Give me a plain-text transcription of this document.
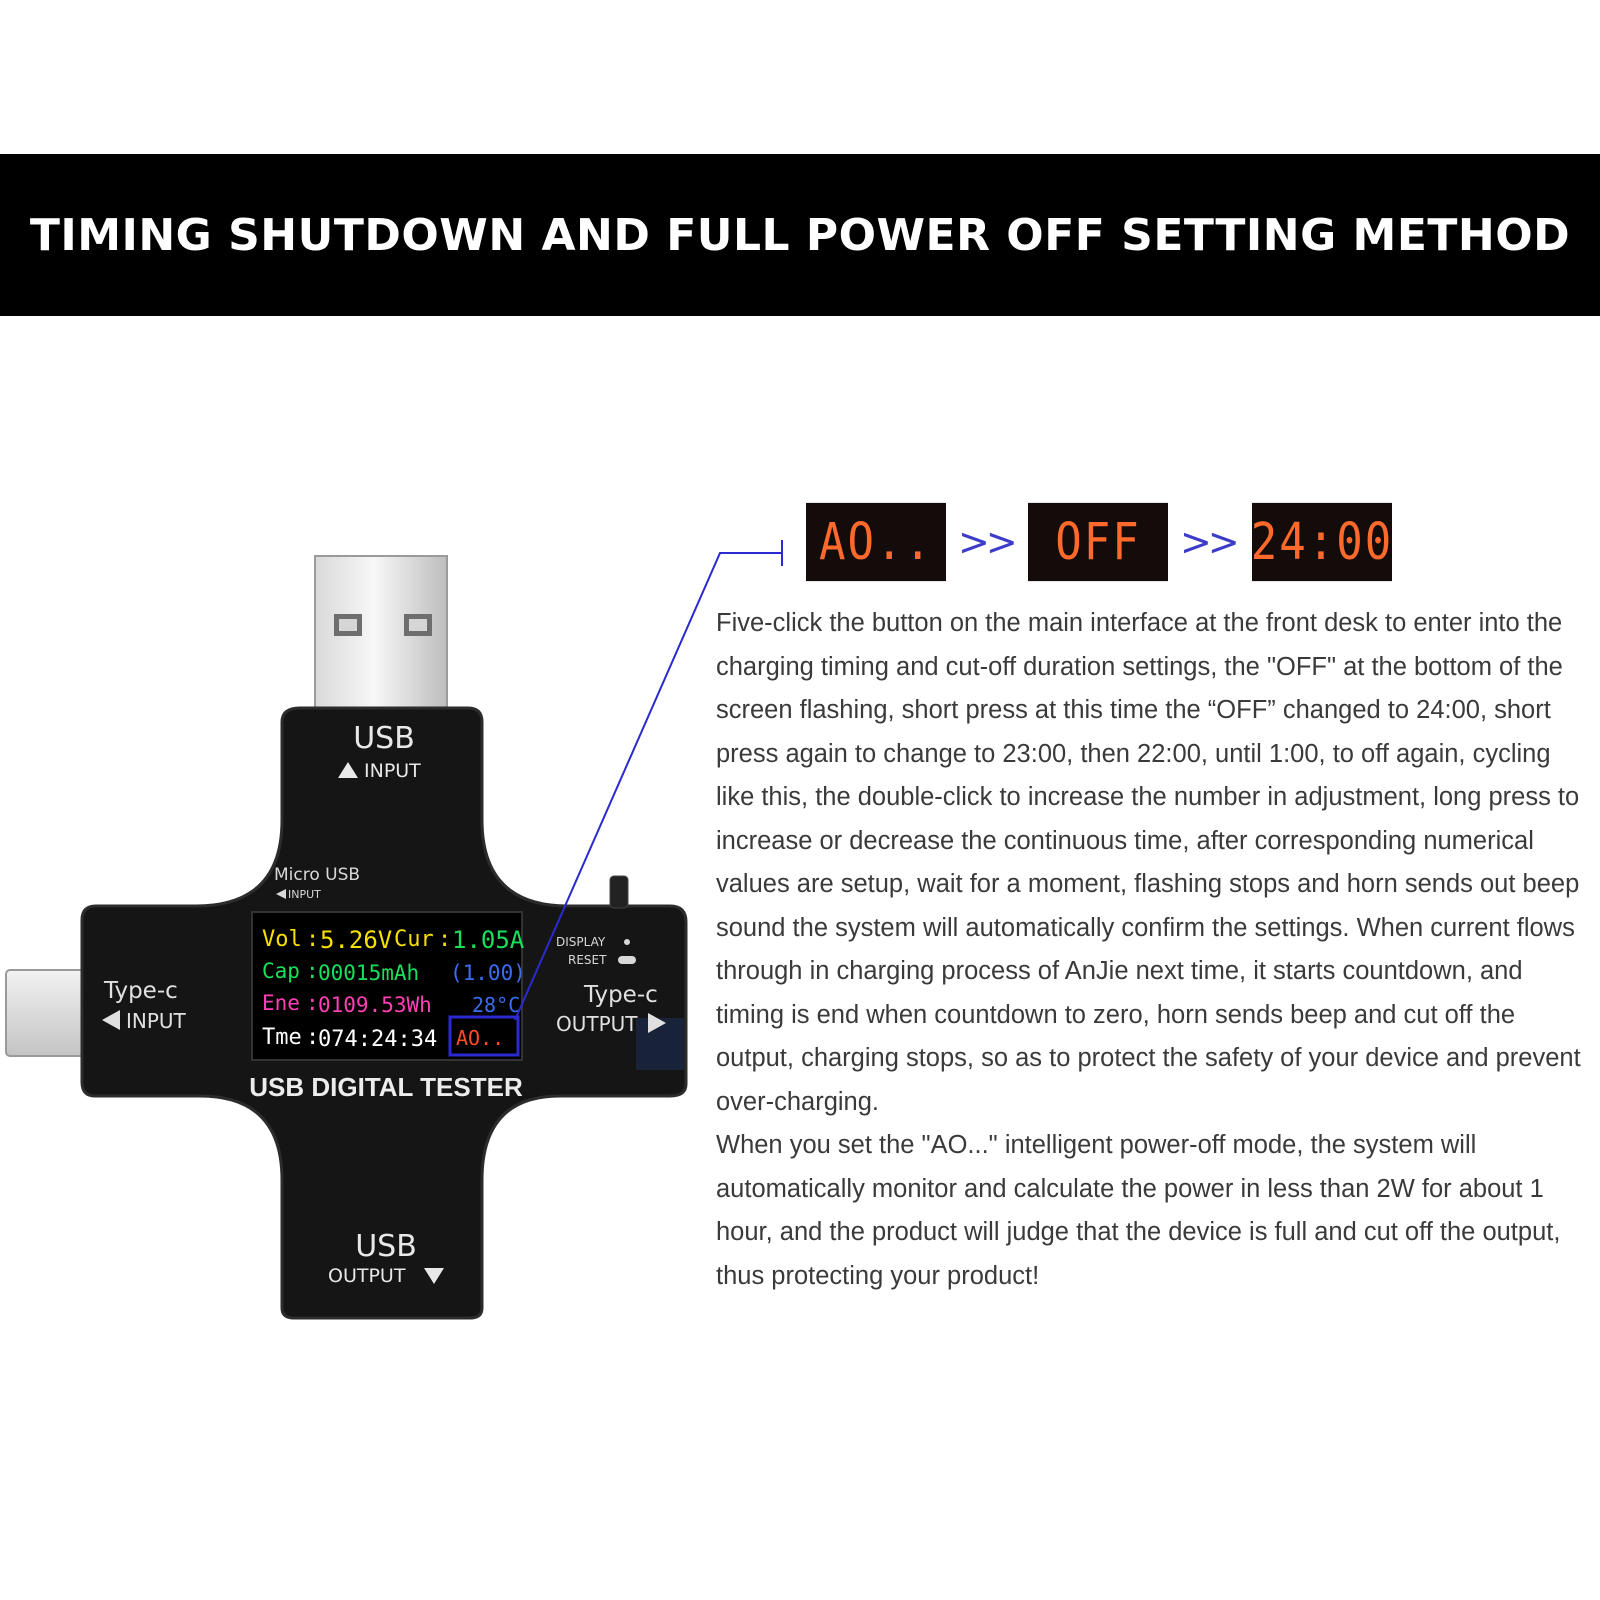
TIMING SHUTDOWN AND FULL POWER OFF SETTING METHOD
USB
INPUT
Micro USB
INPUT
Type-c
INPUT
Type-c
OUTPUT
DISPLAY
RESET
Vol : 5.26V Cur : 1.05A
Cap : 00015mAh (1.00)
Ene : 0109.53Wh 28°C
Tme :
074:24:34 AO..
USB DIGITAL TESTER
USB
OUTPUT
AO.. >> OFF	>> 24:00

Five-click the button on the main interface at the front desk to enter into the charging timing and cut-off duration settings, the "OFF" at the bottom of the screen flashing, short press at this time the “OFF” changed to 24:00, short press again to change to 23:00, then 22:00, until 1:00, to off again, cycling like this, the double-click to increase the number in adjustment, long press to increase or decrease the continuous time, after corresponding numerical values are setup, wait for a moment, flashing stops and horn sends out beep sound the system will automatically confirm the settings. When current flows through in charging process of AnJie next time, it starts countdown, and timing is end when countdown to zero, horn sends beep and cut off the output, charging stops, so as to protect the safety of your device and prevent over-charging.

When you set the "AO..." intelligent power-off mode, the system will automatically monitor and calculate the power in less than 2W for about 1 hour, and the product will judge that the device is full and cut off the output, thus protecting your product!
